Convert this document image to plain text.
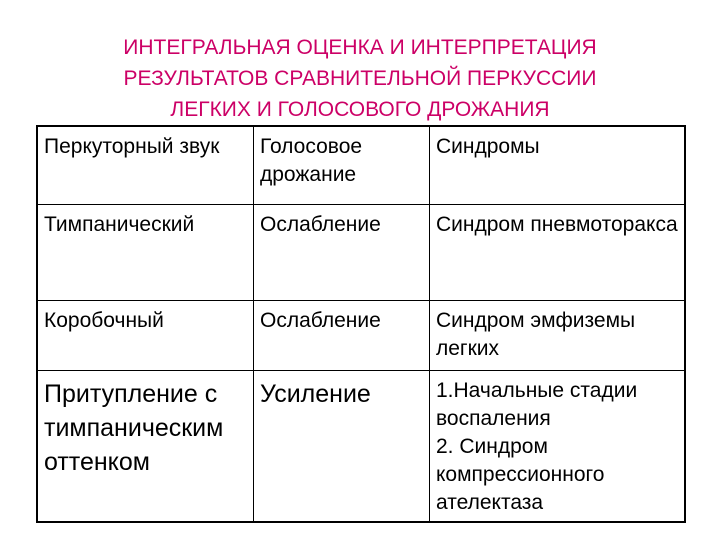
ИНТЕГРАЛЬНАЯ ОЦЕНКА И ИНТЕРПРЕТАЦИЯ
РЕЗУЛЬТАТОВ СРАВНИТЕЛЬНОЙ ПЕРКУССИИ
ЛЕГКИХ И ГОЛОСОВОГО ДРОЖАНИЯ
Перкуторный звук	Голосовое дрожание	Синдромы
Тимпанический	Ослабление	Синдром пневмоторакса
Коробочный	Ослабление	Синдром эмфиземы легких
Притупление с тимпаническим оттенком	Усиление	1.Начальные стадии воспаления
2. Синдром компрессионного ателектаза
